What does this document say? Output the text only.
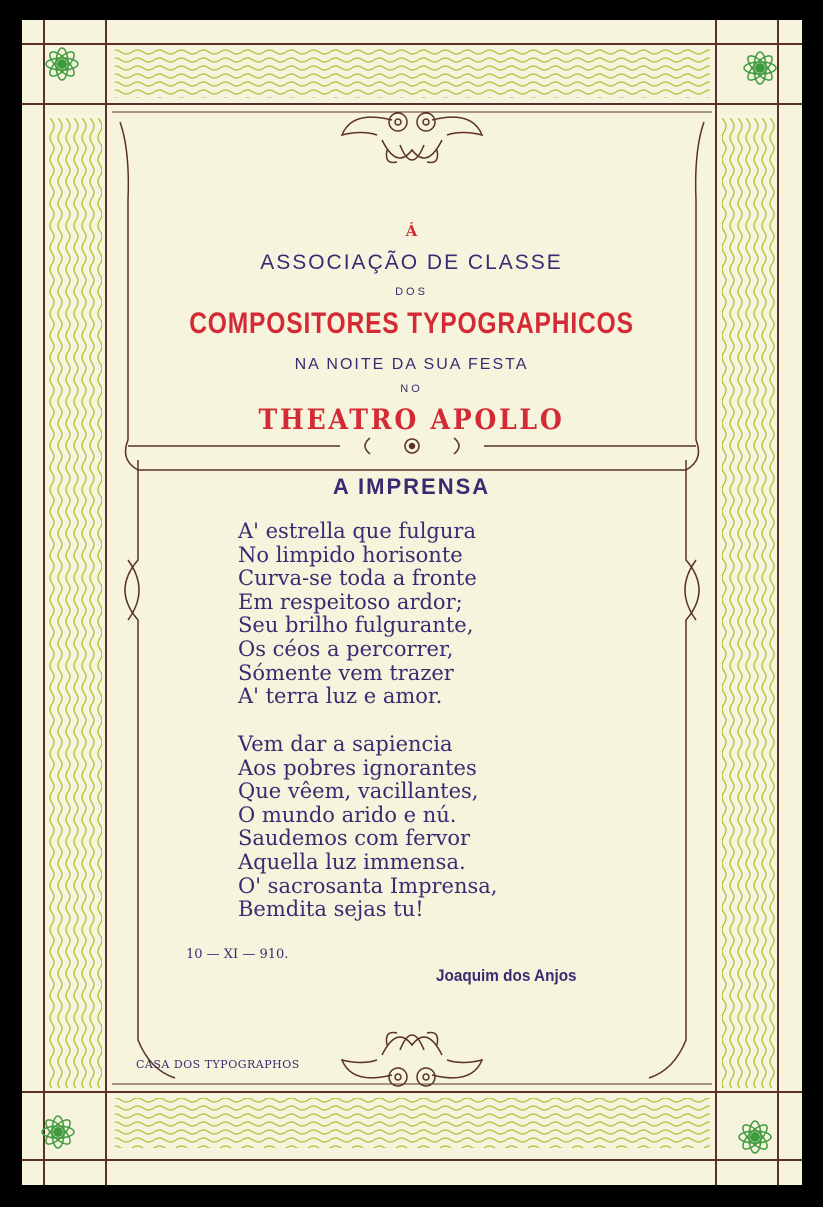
Á
ASSOCIAÇÃO DE CLASSE
DOS
COMPOSITORES TYPOGRAPHICOS
NA NOITE DA SUA FESTA
NO
THEATRO APOLLO
A IMPRENSA
A' estrella que fulgura
No limpido horisonte
Curva-se toda a fronte
Em respeitoso ardor;
Seu brilho fulgurante,
Os céos a percorrer,
Sómente vem trazer
A' terra luz e amor.
Vem dar a sapiencia
Aos pobres ignorantes
Que vêem, vacillantes,
O mundo arido e nú.
Saudemos com fervor
Aquella luz immensa.
O' sacrosanta Imprensa,
Bemdita sejas tu!
10 — XI — 910.
Joaquim dos Anjos
CASA DOS TYPOGRAPHOS
